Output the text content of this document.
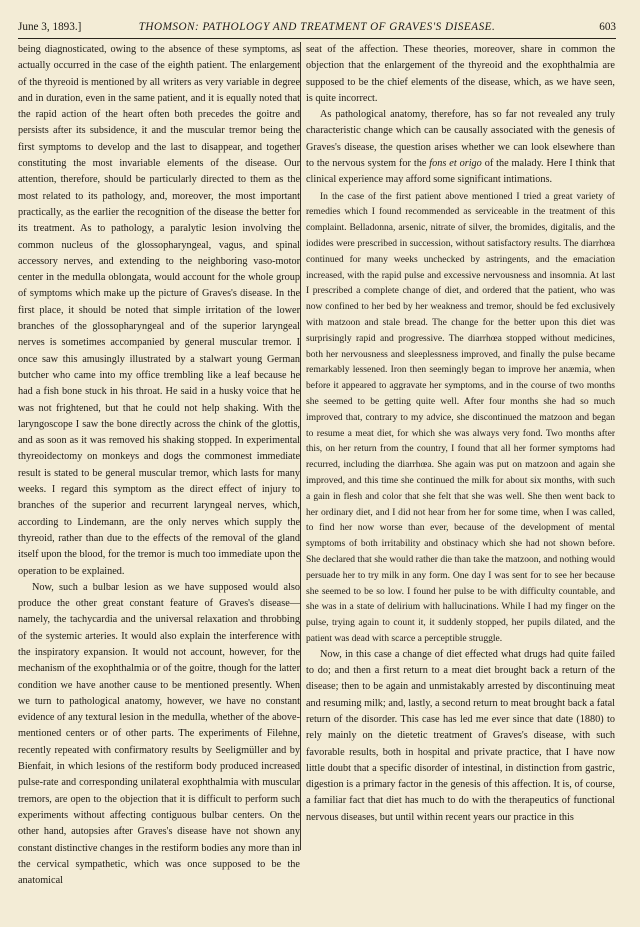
June 3, 1893.]	THOMSON: PATHOLOGY AND TREATMENT OF GRAVES'S DISEASE.	603

being diagnosticated, owing to the absence of these symptoms, as actually occurred in the case of the eighth patient. The enlargement of the thyreoid is mentioned by all writers as very variable in degree and in duration, even in the same patient, and it is equally noted that the rapid action of the heart often both precedes the goitre and persists after its subsidence, it and the muscular tremor being the first symptoms to develop and the last to disappear, and together constituting the most invariable elements of the disease. Our attention, therefore, should be particularly directed to them as the most related to its pathology, and, moreover, the most important practically, as the earlier the recognition of the disease the better for its treatment. As to pathology, a paralytic lesion involving the common nucleus of the glossopharyngeal, vagus, and spinal accessory nerves, and extending to the neighboring vaso-motor center in the medulla oblongata, would account for the whole group of symptoms which make up the picture of Graves's disease. In the first place, it should be noted that simple irritation of the lower branches of the glossopharyngeal and of the superior laryngeal nerves is sometimes accompanied by general muscular tremor. I once saw this amusingly illustrated by a stalwart young German butcher who came into my office trembling like a leaf because he had a fish bone stuck in his throat. He said in a husky voice that he was not frightened, but that he could not help shaking. With the laryngoscope I saw the bone directly across the chink of the glottis, and as soon as it was removed his shaking stopped. In experimental thyreoidectomy on monkeys and dogs the commonest immediate result is stated to be general muscular tremor, which lasts for many weeks. I regard this symptom as the direct effect of injury to branches of the superior and recurrent laryngeal nerves, which, according to Lindemann, are the only nerves which supply the thyreoid, rather than due to the effects of the removal of the gland itself upon the blood, for the tremor is much too immediate upon the operation to be explained.

Now, such a bulbar lesion as we have supposed would also produce the other great constant feature of Graves's disease—namely, the tachycardia and the universal relaxation and throbbing of the systemic arteries. It would also explain the interference with the inspiratory expansion. It would not account, however, for the mechanism of the exophthalmia or of the goitre, though for the latter condition we have another cause to be mentioned presently. When we turn to pathological anatomy, however, we have no constant evidence of any textural lesion in the medulla, whether of the above-mentioned centers or of other parts. The experiments of Filehne, recently repeated with confirmatory results by Seeligmüller and by Bienfait, in which lesions of the restiform body produced increased pulse-rate and corresponding unilateral exophthalmia with muscular tremors, are open to the objection that it is difficult to perform such experiments without affecting contiguous bulbar centers. On the other hand, autopsies after Graves's disease have not shown any constant distinctive changes in the restiform bodies any more than in the cervical sympathetic, which was once supposed to be the anatomical

seat of the affection. These theories, moreover, share in common the objection that the enlargement of the thyreoid and the exophthalmia are supposed to be the chief elements of the disease, which, as we have seen, is quite incorrect.

As pathological anatomy, therefore, has so far not revealed any truly characteristic change which can be causally associated with the genesis of Graves's disease, the question arises whether we can look elsewhere than to the nervous system for the fons et origo of the malady. Here I think that clinical experience may afford some significant intimations.

In the case of the first patient above mentioned I tried a great variety of remedies which I found recommended as serviceable in the treatment of this complaint. Belladonna, arsenic, nitrate of silver, the bromides, digitalis, and the iodides were prescribed in succession, without satisfactory results. The diarrhœa continued for many weeks unchecked by astringents, and the emaciation increased, with the rapid pulse and excessive nervousness and insomnia. At last I prescribed a complete change of diet, and ordered that the patient, who was now confined to her bed by her weakness and tremor, should be fed exclusively with matzoon and stale bread. The change for the better upon this diet was surprisingly rapid and progressive. The diarrhœa stopped without medicines, both her nervousness and sleeplessness improved, and finally the pulse became remarkably lessened. Iron then seemingly began to improve her anæmia, when before it appeared to aggravate her symptoms, and in the course of two months she seemed to be getting quite well. After four months she had so much improved that, contrary to my advice, she discontinued the matzoon and began to resume a meat diet, for which she was always very fond. Two months after this, on her return from the country, I found that all her former symptoms had recurred, including the diarrhœa. She again was put on matzoon and again she improved, and this time she continued the milk for about six months, with such a gain in flesh and color that she felt that she was well. She then went back to her ordinary diet, and I did not hear from her for some time, when I was called, to find her now worse than ever, because of the development of mental symptoms of both irritability and obstinacy which she had not shown before. She declared that she would rather die than take the matzoon, and nothing would persuade her to try milk in any form. One day I was sent for to see her because she seemed to be so low. I found her pulse to be with difficulty countable, and she was in a state of delirium with hallucinations. While I had my finger on the pulse, trying again to count it, it suddenly stopped, her pupils dilated, and the patient was dead with scarce a perceptible struggle.

Now, in this case a change of diet effected what drugs had quite failed to do; and then a first return to a meat diet brought back a return of the disease; then to be again and unmistakably arrested by discontinuing meat and resuming milk; and, lastly, a second return to meat brought back a fatal return of the disorder. This case has led me ever since that date (1880) to rely mainly on the dietetic treatment of Graves's disease, with such favorable results, both in hospital and private practice, that I have now little doubt that a specific disorder of intestinal, in distinction from gastric, digestion is a primary factor in the genesis of this affection. It is, of course, a familiar fact that diet has much to do with the therapeutics of functional nervous diseases, but until within recent years our practice in this
